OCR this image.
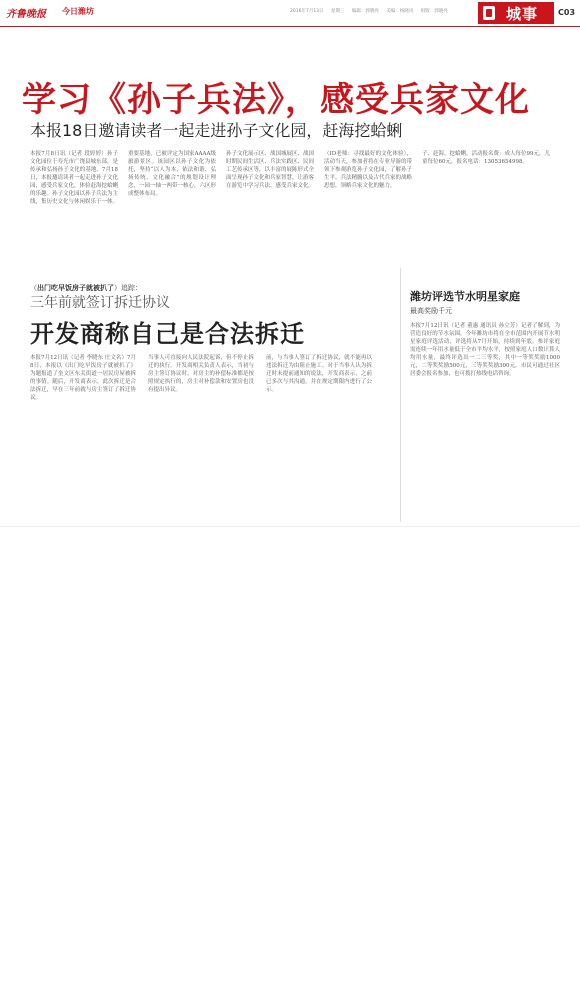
齐鲁晚报 今日潍坊	2016年7月13日 星期三 编辑：郭晓亮 美编：杨晓岚 组版：郭晓亮	城事 C03
学习《孙子兵法》，感受兵家文化
本报18日邀请读者一起走进孙子文化园，赶海挖蛤蜊
本报7月8日讯（记者 段婷婷）孙子文化园位于寿光市广饶县城东部，是传承和弘扬孙子文化的基地。7月18日，本报邀请读者一起走进孙子文化园，感受兵家文化，体验赶海挖蛤蜊的乐趣。孙子文化园以孙子兵法为主线，集历史文化与休闲娱乐于一体。
重要基地，已被评定为国家AAAA级旅游景区。该园区以孙子文化为依托，坚持“以人为本、依法和谐、弘扬传统、文化融合”的规划设计理念，一园一轴一两带一核心，六区形成整体布局。
孙子文化展示区、战国城展区、战国时期民间生活区、兵法实践区、民间工艺传承区等，以丰富的展陈形式全面呈现孙子文化和兵家智慧，让游客在游览中学习兵法、感受兵家文化。
（ID老师：寻找最好的文化体验），活动当天，参加者将在专业导游的带领下参观游览孙子文化园，了解孙子生平、兵法精髓以及古代兵家的战略思想，领略兵家文化的魅力。
子、赶海、挖蛤蜊。活动报名费：成人每位99元，儿童每位60元，报名电话：13053654998。
（出门吃早饭房子就被扒了）追踪：
三年前就签订拆迁协议
开发商称自己是合法拆迁
本报7月12日讯（记者 李晓东 庄文名）7月8日，本报以《出门吃早饭房子就被扒了》为题报道了奎文区东关街道一居民房屋被拆的事情。随后，开发商表示，此次拆迁是合法拆迁，早在三年前就与房主签订了拆迁协议。
当事人可直接向人民法院起诉，但不停止拆迁的执行。开发商相关负责人表示，当初与房主签订协议时，对房主的补偿标准都是按照规定执行的，房主对补偿款和安置房也没有提出异议。
前，与当事人签订了拆迁协议，就不能再以违法拆迁为由阻止施工。对于当事人认为拆迁时未提前通知的说法，开发商表示，之前已多次与其沟通，并在规定期限内进行了公示。
潍坊评选节水明星家庭
最高奖励千元
本报7月12日讯（记者 董惠 通讯员 孙立芳）记者了解到，为营造良好的节水氛围，今年潍坊市将在全市范围内开展节水明星家庭评选活动，评选将从7月开始，持续到年底。参评家庭需连续一年用水量低于全市平均水平，按照家庭人口数计算人均用水量，最终评选出一二三等奖，其中一等奖奖励1000元，二等奖奖励500元，三等奖奖励300元。市民可通过社区居委会报名参加，也可拨打热线电话咨询。
